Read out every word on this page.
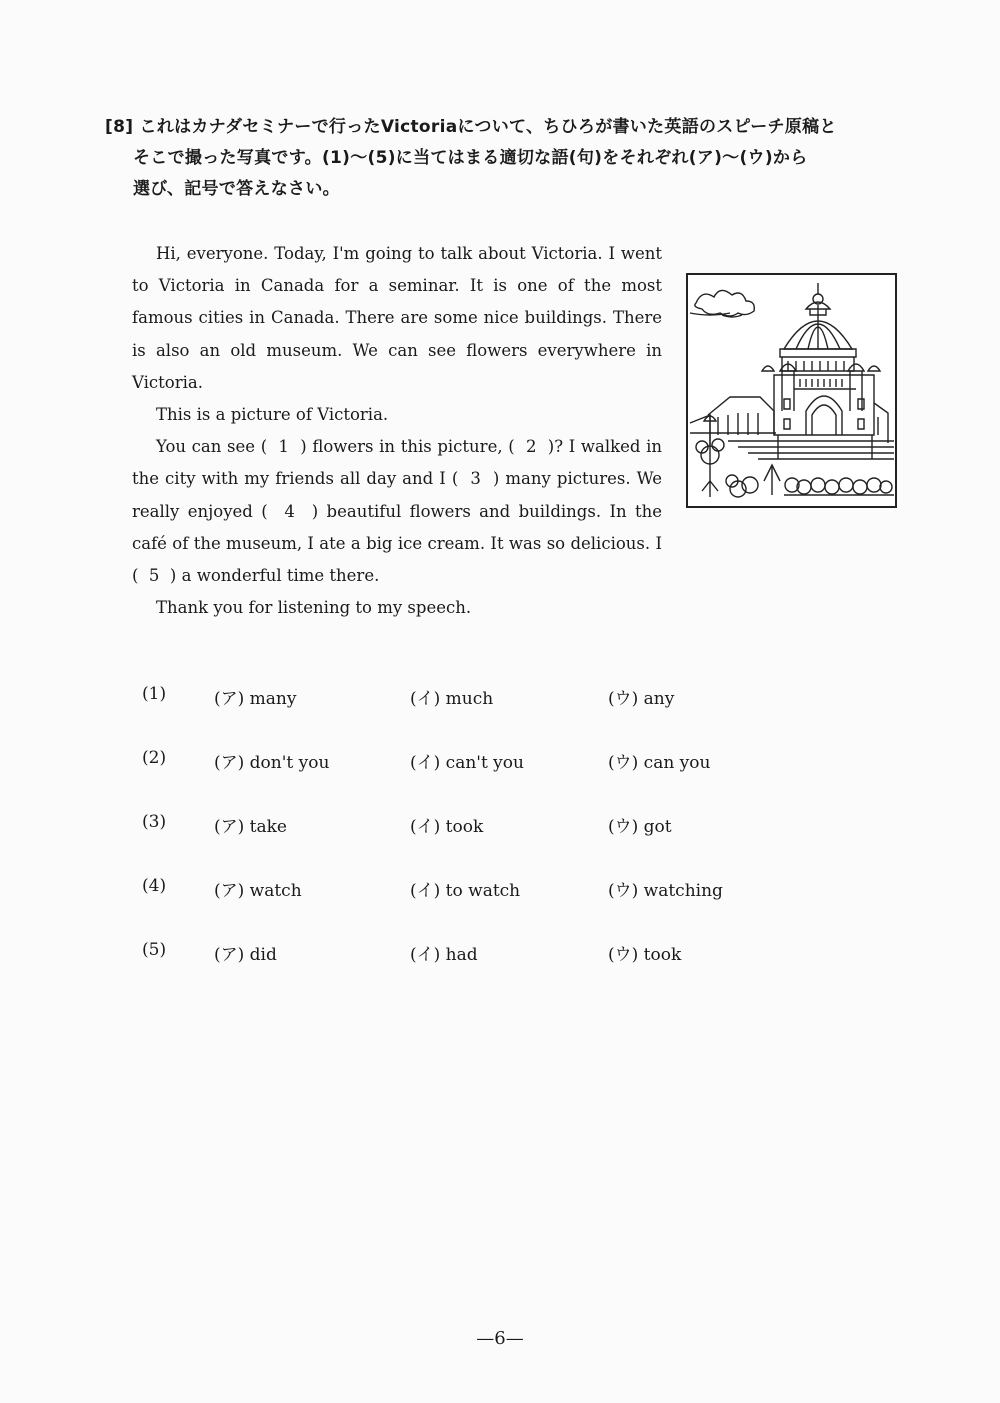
[8] これはカナダセミナーで行ったVictoriaについて、ちひろが書いた英語のスピーチ原稿と
そこで撮った写真です。(1)〜(5)に当てはまる適切な語(句)をそれぞれ(ア)〜(ウ)から
選び、記号で答えなさい。
Hi, everyone. Today, I'm going to talk about Victoria. I went to Victoria in Canada for a seminar. It is one of the most famous cities in Canada. There are some nice buildings. There is also an old museum. We can see flowers everywhere in Victoria.
This is a picture of Victoria.
You can see (  1  ) flowers in this picture, (  2  )? I walked in the city with my friends all day and I (  3  ) many pictures. We really enjoyed (  4  ) beautiful flowers and buildings. In the café of the museum, I ate a big ice cream. It was so delicious. I (  5  ) a wonderful time there.
Thank you for listening to my speech.
(1)	(ア) many	(イ) much	(ウ) any
(2)	(ア) don't you	(イ) can't you	(ウ) can you
(3)	(ア) take	(イ) took	(ウ) got
(4)	(ア) watch	(イ) to watch	(ウ) watching
(5)	(ア) did	(イ) had	(ウ) took
—6—
